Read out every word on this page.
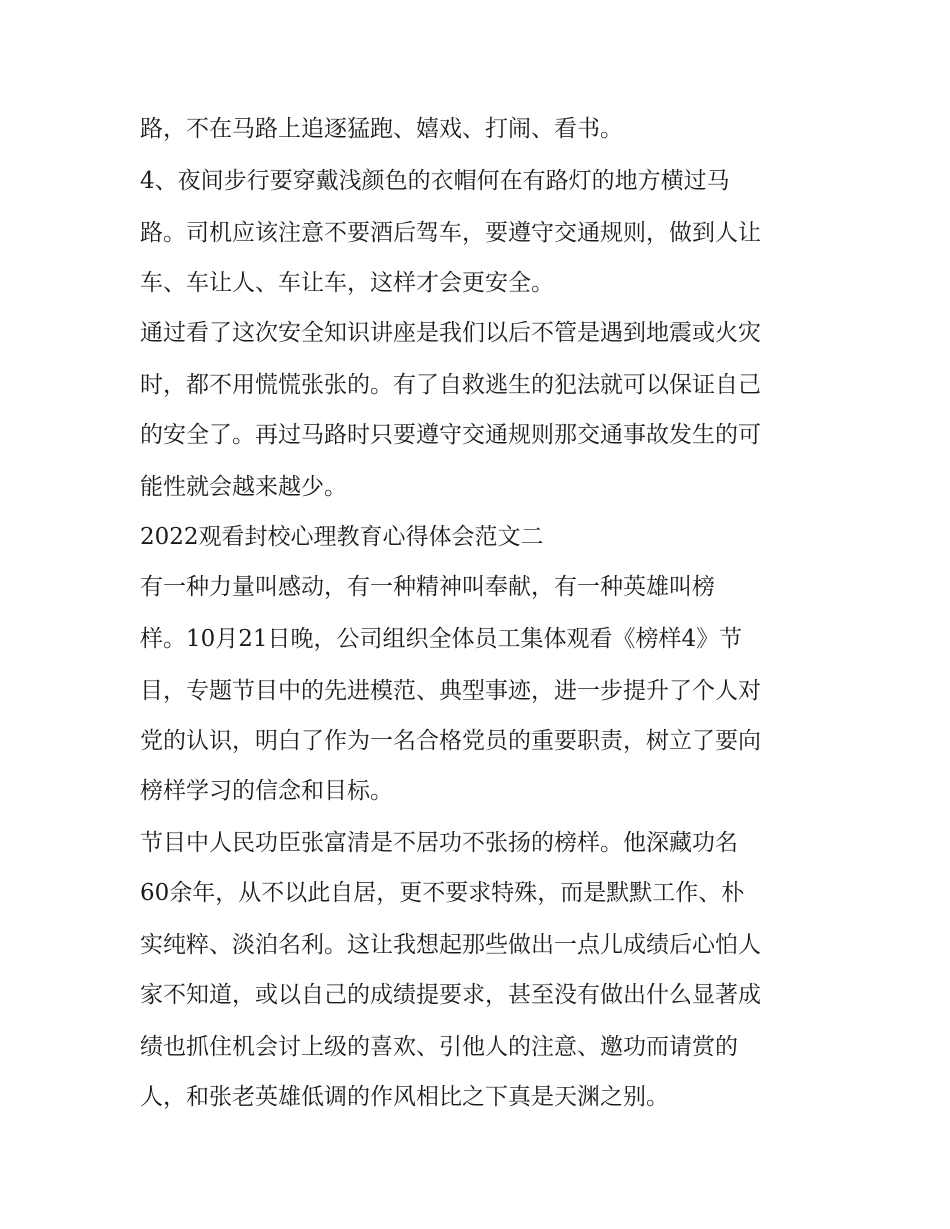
路，不在马路上追逐猛跑、嬉戏、打闹、看书。
4、夜间步行要穿戴浅颜色的衣帽何在有路灯的地方横过马
路。司机应该注意不要酒后驾车，要遵守交通规则，做到人让
车、车让人、车让车，这样才会更安全。
通过看了这次安全知识讲座是我们以后不管是遇到地震或火灾
时，都不用慌慌张张的。有了自救逃生的犯法就可以保证自己
的安全了。再过马路时只要遵守交通规则那交通事故发生的可
能性就会越来越少。
2022观看封校心理教育心得体会范文二
有一种力量叫感动，有一种精神叫奉献，有一种英雄叫榜
样。10月21日晚，公司组织全体员工集体观看《榜样4》节
目，专题节目中的先进模范、典型事迹，进一步提升了个人对
党的认识，明白了作为一名合格党员的重要职责，树立了要向
榜样学习的信念和目标。
节目中人民功臣张富清是不居功不张扬的榜样。他深藏功名
60余年，从不以此自居，更不要求特殊，而是默默工作、朴
实纯粹、淡泊名利。这让我想起那些做出一点儿成绩后心怕人
家不知道，或以自己的成绩提要求，甚至没有做出什么显著成
绩也抓住机会讨上级的喜欢、引他人的注意、邀功而请赏的
人，和张老英雄低调的作风相比之下真是天渊之别。
